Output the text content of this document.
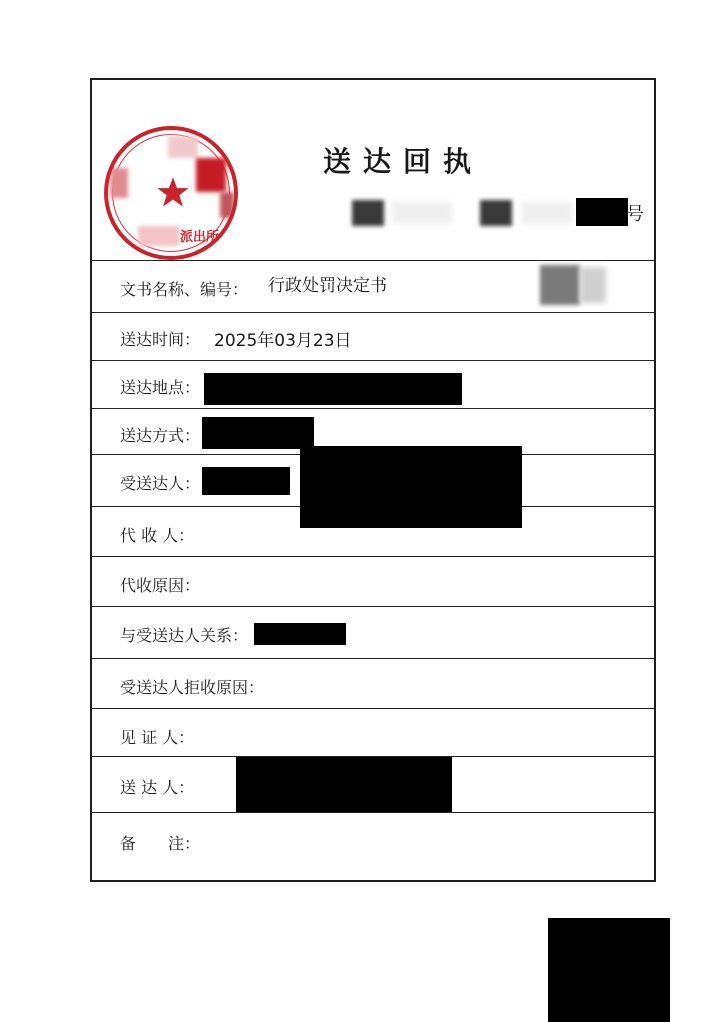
派出所
送达回执
号
文书名称、编号： 行政处罚决定书
送达时间： 2025年03月23日
送达地点：
送达方式：
受送达人：
代 收 人：
代收原因：
与受送达人关系：
受送达人拒收原因：
见 证 人：
送 达 人：
备　　注：
